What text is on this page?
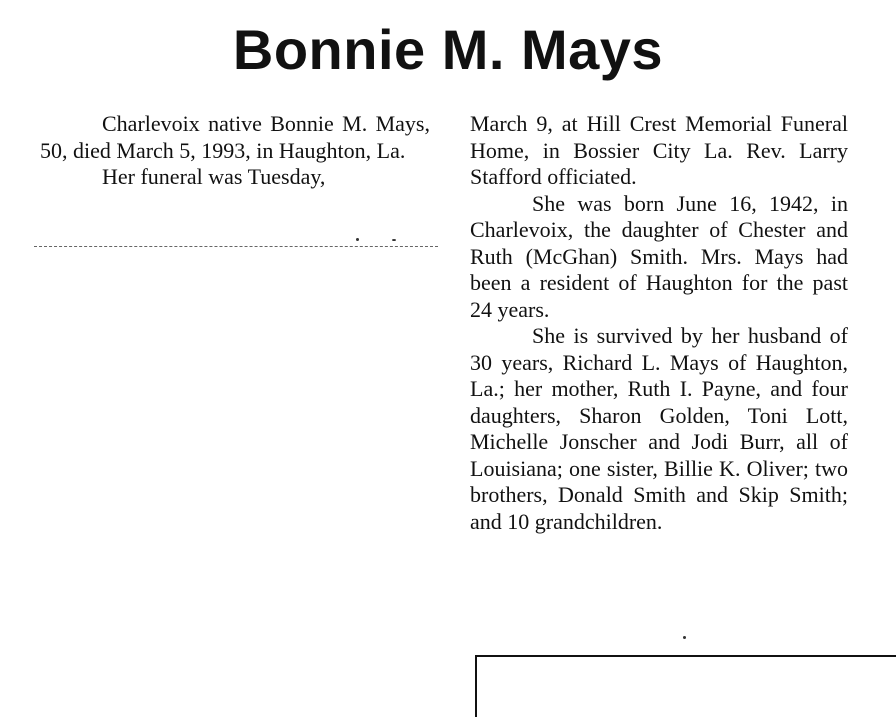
Bonnie M. Mays

Charlevoix native Bonnie M. Mays, 50, died March 5, 1993, in Haughton, La.

Her funeral was Tuesday,

March 9, at Hill Crest Memorial Funeral Home, in Bossier City La. Rev. Larry Stafford officiated.

She was born June 16, 1942, in Charlevoix, the daughter of Chester and Ruth (McGhan) Smith. Mrs. Mays had been a resident of Haughton for the past 24 years.

She is survived by her husband of 30 years, Richard L. Mays of Haughton, La.; her mother, Ruth I. Payne, and four daughters, Sharon Golden, Toni Lott, Michelle Jonscher and Jodi Burr, all of Louisiana; one sister, Billie K. Oliver; two brothers, Donald Smith and Skip Smith; and 10 grandchildren.
